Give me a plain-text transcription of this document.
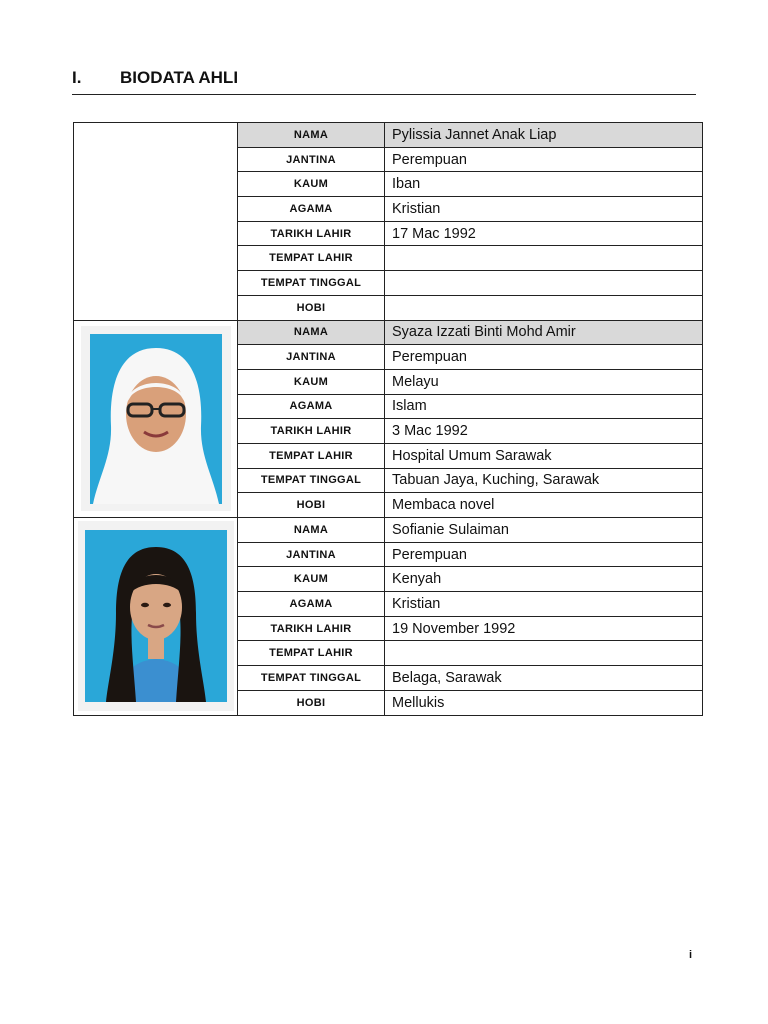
I. BIODATA AHLI
	NAMA	Pylissia Jannet Anak Liap
	JANTINA	Perempuan
	KAUM	Iban
	AGAMA	Kristian
	TARIKH LAHIR	17 Mac 1992
	TEMPAT LAHIR	
	TEMPAT TINGGAL	
	HOBI	

	NAMA	Syaza Izzati Binti Mohd Amir
	JANTINA	Perempuan
	KAUM	Melayu
	AGAMA	Islam
	TARIKH LAHIR	3 Mac 1992
	TEMPAT LAHIR	Hospital Umum Sarawak
	TEMPAT TINGGAL	Tabuan Jaya, Kuching, Sarawak
	HOBI	Membaca novel

	NAMA	Sofianie Sulaiman
	JANTINA	Perempuan
	KAUM	Kenyah
	AGAMA	Kristian
	TARIKH LAHIR	19 November 1992
	TEMPAT LAHIR	
	TEMPAT TINGGAL	Belaga, Sarawak
	HOBI	Mellukis
i
